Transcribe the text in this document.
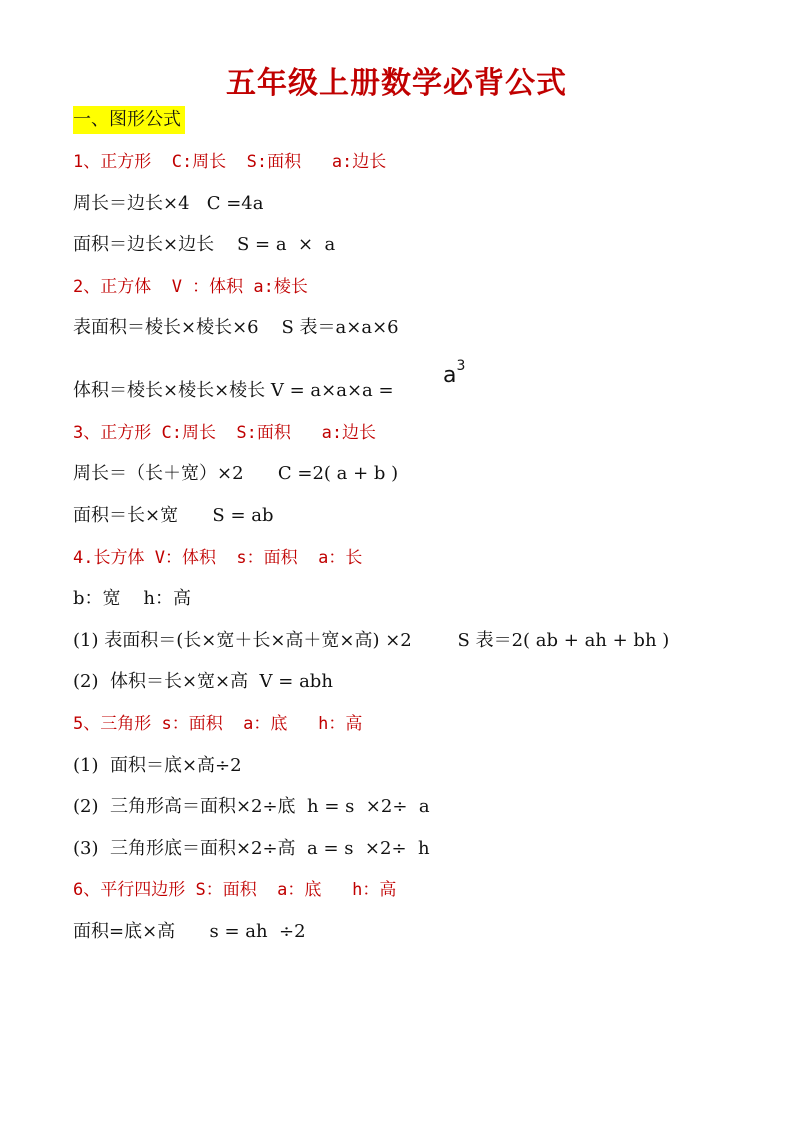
五年级上册数学必背公式
一、图形公式
1、正方形  C:周长  S:面积   a:边长
周长＝边长×4   C =4a
面积＝边长×边长    S = a  ×  a
2、正方体  V ：体积 a:棱长
表面积＝棱长×棱长×6    S 表＝a×a×6
体积＝棱长×棱长×棱长 V = a×a×a =
$a^3$
3、正方形 C:周长  S:面积   a:边长
周长＝（长＋宽）×2      C =2( a + b )
面积＝长×宽      S = ab
4.长方体 V：体积  s：面积  a：长
b：宽    h：高
(1) 表面积＝(长×宽＋长×高＋宽×高) ×2        S 表＝2( ab + ah + bh )
(2)  体积＝长×宽×高  V = abh
5、三角形 s：面积  a：底   h：高
(1)  面积＝底×高÷2
(2)  三角形高＝面积×2÷底  h = s  ×2÷  a
(3)  三角形底＝面积×2÷高  a = s  ×2÷  h
6、平行四边形 S：面积  a：底   h：高
面积=底×高      s = ah  ÷2
